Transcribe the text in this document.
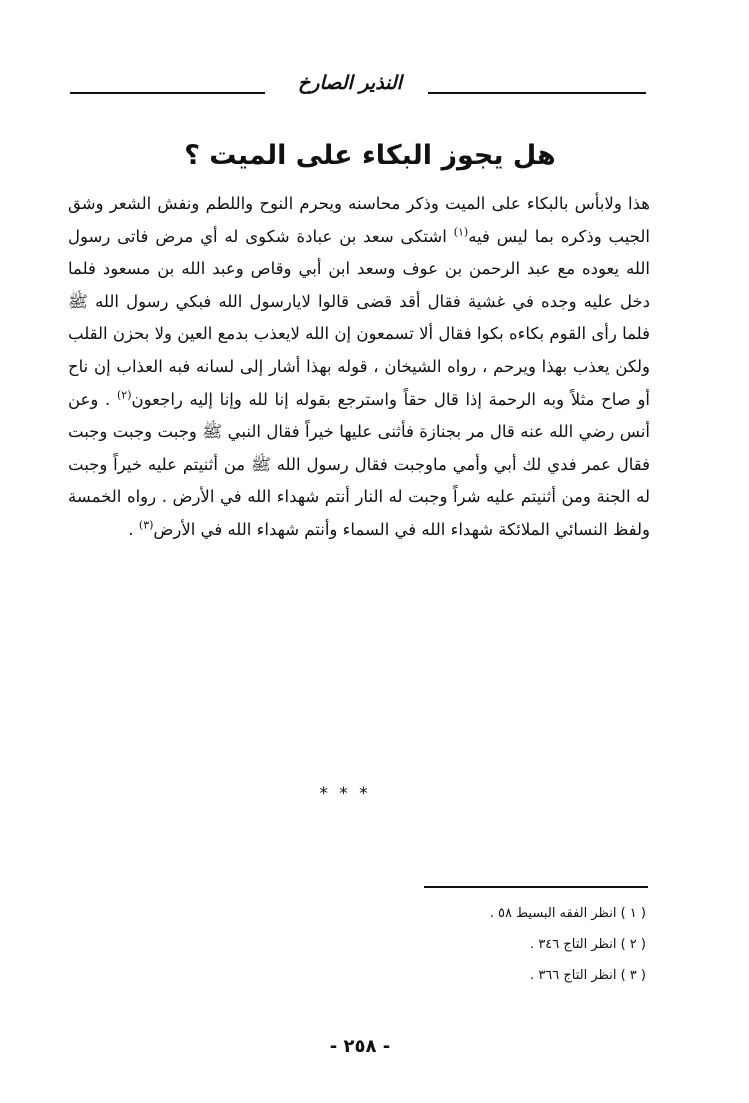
النذير الصارخ
هل يجوز البكاء على الميت ؟
هذا ولابأس بالبكاء على الميت وذكر محاسنه ويحرم النوح واللطم ونفش الشعر وشق الجيب وذكره بما ليس فيه$^{(١)}$ اشتكى سعد بن عبادة شكوى له أي مرض فاتى رسول الله يعوده مع عبد الرحمن بن عوف وسعد ابن أبي وقاص وعبد الله بن مسعود فلما دخل عليه وجده في غشية فقال أقد قضى قالوا لايارسول الله فبكي رسول الله ﷺ فلما رأى القوم بكاءه بكوا فقال ألا تسمعون إن الله لايعذب بدمع العين ولا بحزن القلب ولكن يعذب بهذا ويرحم ، رواه الشيخان ، قوله بهذا أشار إلى لسانه فبه العذاب إن ناح أو صاح مثلاً وبه الرحمة إذا قال حقاً واسترجع بقوله إنا لله وإنا إليه راجعون$^{(٢)}$ . وعن أنس رضي الله عنه قال مر بجنازة فأثنى عليها خيراً فقال النبي ﷺ وجبت وجبت وجبت فقال عمر فدي لك أبي وأمي ماوجبت فقال رسول الله ﷺ من أثنيتم عليه خيراً وجبت له الجنة ومن أثنيتم عليه شراً وجبت له النار أنتم شهداء الله في الأرض . رواه الخمسة ولفظ النسائي الملائكة شهداء الله في السماء وأنتم شهداء الله في الأرض$^{(٣)}$ .
* * *
( ١ ) انظر الفقه البسيط ٥٨ .
( ٢ ) انظر التاج ٣٤٦ .
( ٣ ) انظر التاج ٣٦٦ .
- ٢٥٨ -
